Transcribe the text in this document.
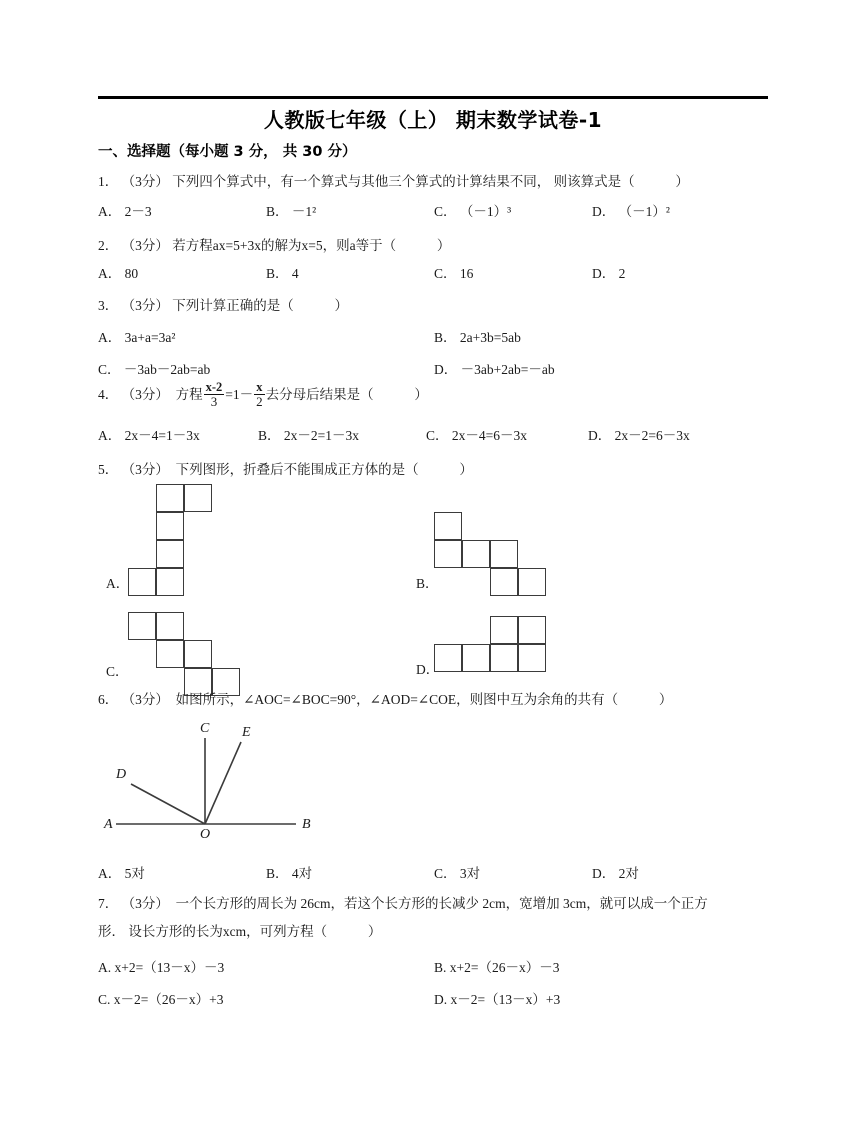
人教版七年级（上） 期末数学试卷-1
一、选择题（每小题 3 分， 共 30 分）
1． （3分） 下列四个算式中，有一个算式与其他三个算式的计算结果不同， 则该算式是（	）
A． 2－3	B． －1²	C． （－1）³	D． （－1）²
2． （3分） 若方程ax=5+3x的解为x=5，则a等于（	）
A． 80	B． 4	C． 16	D． 2
3． （3分） 下列计算正确的是（	）
A． 3a+a=3a²	B． 2a+3b=5ab
C． －3ab－2ab=ab	D． －3ab+2ab=－ab
4． （3分） 方程 $\frac{x-2}{3} =1- \frac{x}{2}$ 去分母后结果是（	）
A． 2x－4=1－3x	B． 2x－2=1－3x	C． 2x－4=6－3x	D． 2x－2=6－3x
5． （3分） 下列图形，折叠后不能围成正方体的是（	）
A．	B．
C．	D．
6． （3分） 如图所示，∠AOC=∠BOC=90°，∠AOD=∠COE，则图中互为余角的共有（	）
C E
D
A	B
O
A． 5对	B． 4对	C． 3对	D． 2对
7． （3分） 一个长方形的周长为 26cm，若这个长方形的长减少 2cm，宽增加 3cm，就可以成一个正方
形． 设长方形的长为xcm，可列方程（	）
A. x+2=（13－x）－3	B. x+2=（26－x）－3
C. x－2=（26－x）+3	D. x－2=（13－x）+3
